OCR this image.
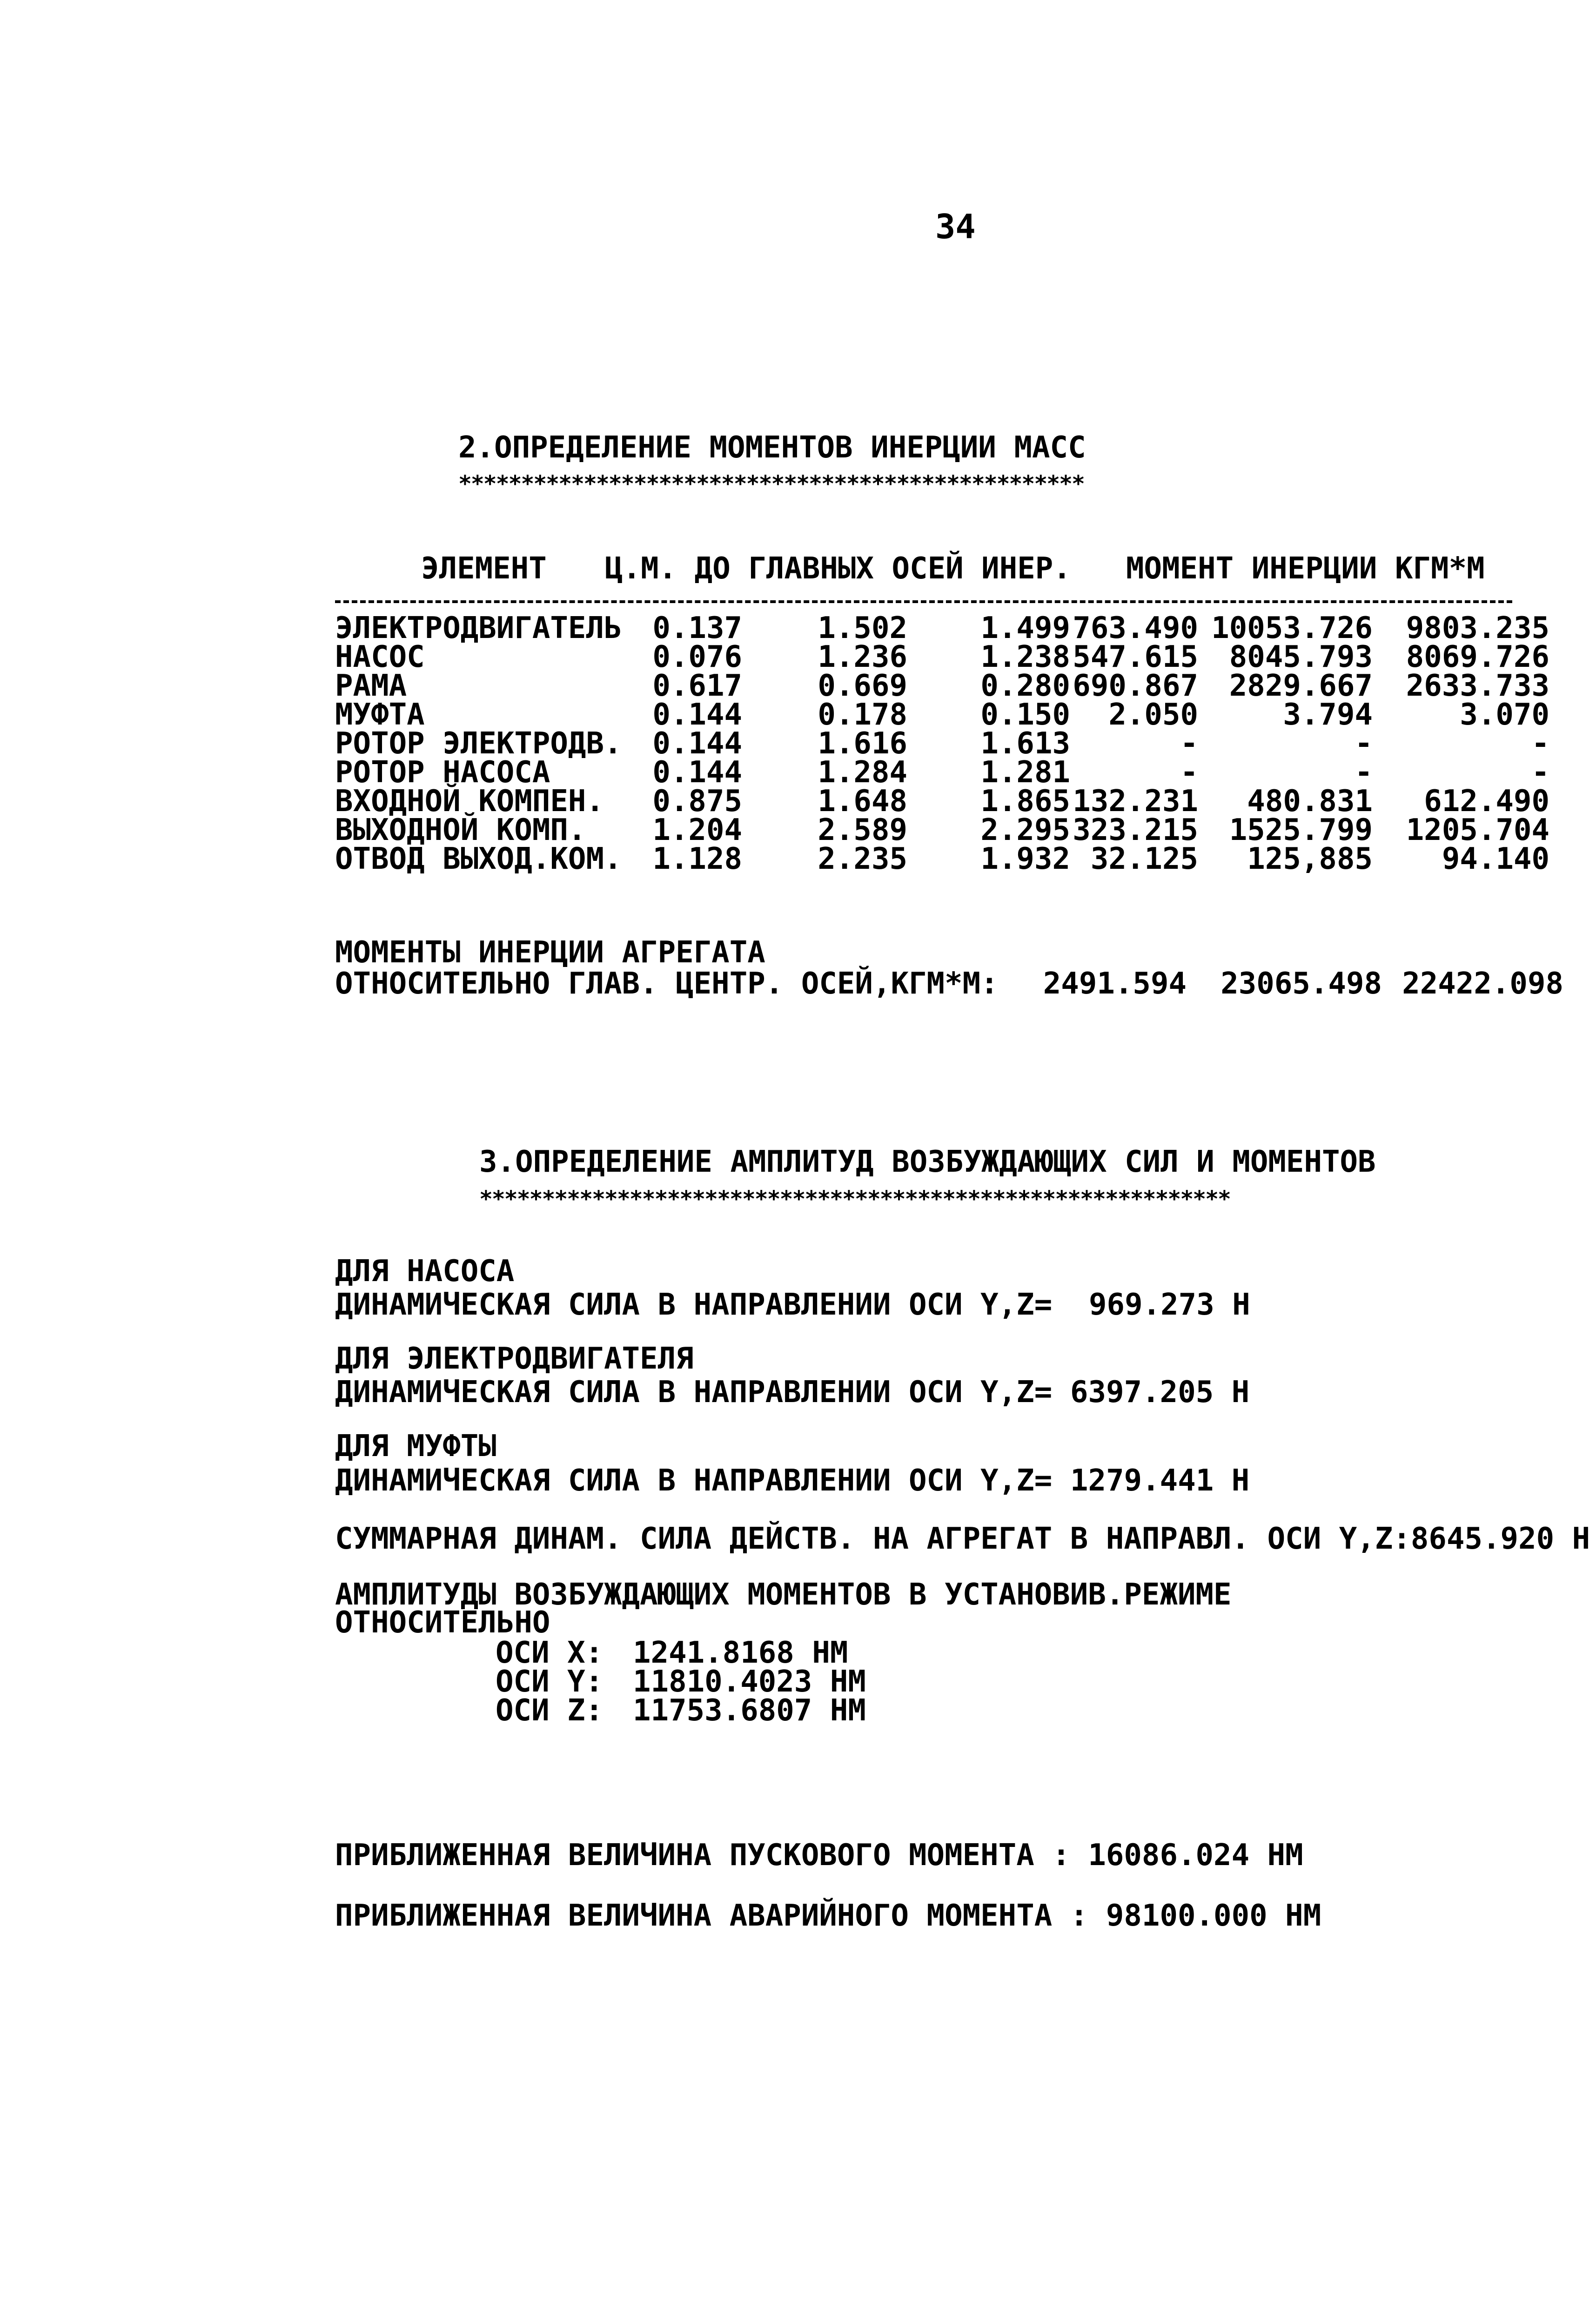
34
2.ОПРЕДЕЛЕНИЕ МОМЕНТОВ ИНЕРЦИИ МАСС
**************************************************
ЭЛЕМЕНТ Ц.М. ДО ГЛАВНЫХ ОСЕЙ ИНЕР. МОМЕНТ ИНЕРЦИИ КГМ*М
ЭЛЕКТРОДВИГАТЕЛЬ	0.137	1.502	1.499 763.490 10053.726	9803.235
НАСОС	0.076	1.236	1.238 547.615	8045.793	8069.726
РАМА	0.617	0.669	0.280 690.867	2829.667	2633.733
МУФТА	0.144	0.178	0.150	2.050	3.794	3.070
РОТОР ЭЛЕКТРОДВ.	0.144	1.616	1.613	-	-	-
РОТОР НАСОСА	0.144	1.284	1.281	-	-	-
ВХОДНОЙ КОМПЕН.	0.875	1.648	1.865 132.231	480.831	612.490
ВЫХОДНОЙ КОМП.	1.204	2.589	2.295 323.215	1525.799	1205.704
ОТВОД ВЫХОД.КОМ.	1.128	2.235	1.932 32.125	125,885	94.140
МОМЕНТЫ ИНЕРЦИИ АГРЕГАТА
ОТНОСИТЕЛЬНО ГЛАВ. ЦЕНТР. ОСЕЙ,КГМ*М:	2491.594	23065.498 22422.098
3.ОПРЕДЕЛЕНИЕ АМПЛИТУД ВОЗБУЖДАЮЩИХ СИЛ И МОМЕНТОВ
************************************************************
ДЛЯ НАСОСА
ДИНАМИЧЕСКАЯ СИЛА В НАПРАВЛЕНИИ ОСИ Y,Z= 969.273 Н
ДЛЯ ЭЛЕКТРОДВИГАТЕЛЯ
ДИНАМИЧЕСКАЯ СИЛА В НАПРАВЛЕНИИ ОСИ Y,Z= 6397.205 Н
ДЛЯ МУФТЫ
ДИНАМИЧЕСКАЯ СИЛА В НАПРАВЛЕНИИ ОСИ Y,Z= 1279.441 Н
СУММАРНАЯ ДИНАМ. СИЛА ДЕЙСТВ. НА АГРЕГАТ В НАПРАВЛ. ОСИ Y,Z:8645.920 Н
АМПЛИТУДЫ ВОЗБУЖДАЮЩИХ МОМЕНТОВ В УСТАНОВИВ.РЕЖИМЕ
ОТНОСИТЕЛЬНО
ОСИ X: 1241.8168 НМ
ОСИ Y: 11810.4023 НМ
ОСИ Z: 11753.6807 НМ
ПРИБЛИЖЕННАЯ ВЕЛИЧИНА ПУСКОВОГО МОМЕНТА : 16086.024 НМ
ПРИБЛИЖЕННАЯ ВЕЛИЧИНА АВАРИЙНОГО МОМЕНТА : 98100.000 НМ
